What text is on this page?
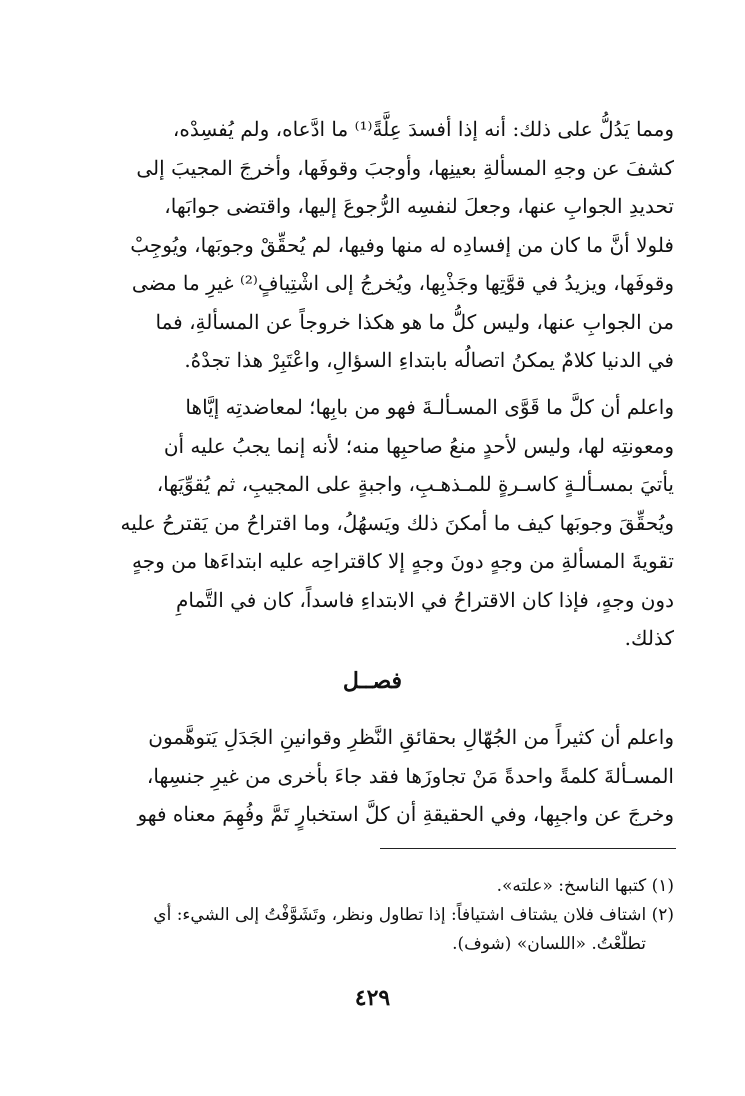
ومما يَدُلُّ على ذلك: أنه إذا أفسدَ عِلَّةً⁽¹⁾ ما ادَّعاه، ولم يُفسِدْه،
كشفَ عن وجهِ المسألةِ بعينِها، وأوجبَ وقوفَها، وأخرجَ المجيبَ إلى
تحديدِ الجوابِ عنها، وجعلَ لنفسِه الرُّجوعَ إليها، واقتضى جوابَها،
فلولا أنَّ ما كان من إفسادِه له منها وفيها، لم يُحقِّقْ وجوبَها، ويُوجِبْ
وقوفَها، ويزيدُ في قوَّتِها وجَذْبِها، ويُخرجُ إلى اشْتِيافٍ⁽²⁾ غيرِ ما مضى
من الجوابِ عنها، وليس كلُّ ما هو هكذا خروجاً عن المسألةِ، فما
في الدنيا كلامٌ يمكنُ اتصالُه بابتداءِ السؤالِ، واعْتَبِرْ هذا تجدْهُ.
واعلم أن كلَّ ما قَوَّى المسـألـةَ فهو من بابِها؛ لمعاضدتِه إيَّاها
ومعونتِه لها، وليس لأحدٍ منعُ صاحبِها منه؛ لأنه إنما يجبُ عليه أن
يأتيَ بمسـألـةٍ كاسـرةٍ للمـذهـبِ، واجبةٍ على المجيبِ، ثم يُقوِّيَها،
ويُحقِّقَ وجوبَها كيف ما أمكنَ ذلك ويَسهُلُ، وما اقتراحُ من يَقترحُ عليه
تقويةَ المسألةِ من وجهٍ دونَ وجهٍ إلا كاقتراحِه عليه ابتداءَها من وجهٍ
دون وجهٍ، فإذا كان الاقتراحُ في الابتداءِ فاسداً، كان في التَّمامِ
كذلك.
فصــل
واعلم أن كثيراً من الجُهّالِ بحقائقِ النَّظرِ وقوانينِ الجَدَلِ يَتوهَّمون
المسـألةَ كلمةً واحدةً مَنْ تجاوزَها فقد جاءَ بأخرى من غيرِ جنسِها،
وخرجَ عن واجبِها، وفي الحقيقةِ أن كلَّ استخبارٍ تَمَّ وفُهِمَ معناه فهو
(١) كتبها الناسخ: «علته».
(٢) اشتاف فلان يشتاف اشتيافاً: إذا تطاول ونظر، وتَشَوَّفْتُ إلى الشيء: أي
تطلَّعْتُ. «اللسان» (شوف).
٤٢٩
